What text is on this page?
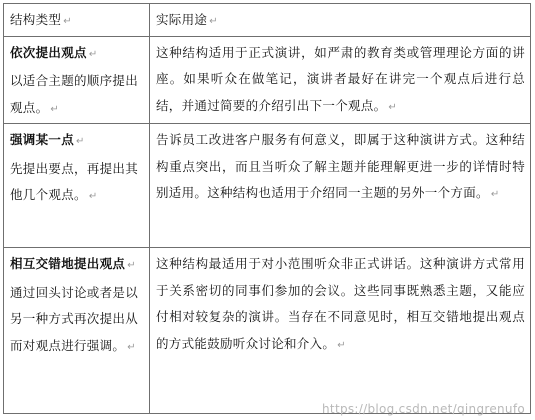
结构类型 ↵	实际用途 ↵
依次提出观点 ↵
以适合主题的顺序提出观点。 ↵	这种结构适用于正式演讲，如严肃的教育类或管理理论方面的讲座。如果听众在做笔记，演讲者最好在讲完一个观点后进行总结，并通过简要的介绍引出下一个观点。 ↵
强调某一点 ↵
先提出要点，再提出其他几个观点。 ↵	告诉员工改进客户服务有何意义，即属于这种演讲方式。这种结构重点突出，而且当听众了解主题并能理解更进一步的详情时特别适用。这种结构也适用于介绍同一主题的另外一个方面。 ↵
相互交错地提出观点 ↵
通过回头讨论或者是以另一种方式再次提出从而对观点进行强调。 ↵	这种结构最适用于对小范围听众非正式讲话。这种演讲方式常用于关系密切的同事们参加的会议。这些同事既熟悉主题，又能应付相对较复杂的演讲。当存在不同意见时，相互交错地提出观点的方式能鼓励听众讨论和介入。 ↵
https://blog.csdn.net/qingrenufo
